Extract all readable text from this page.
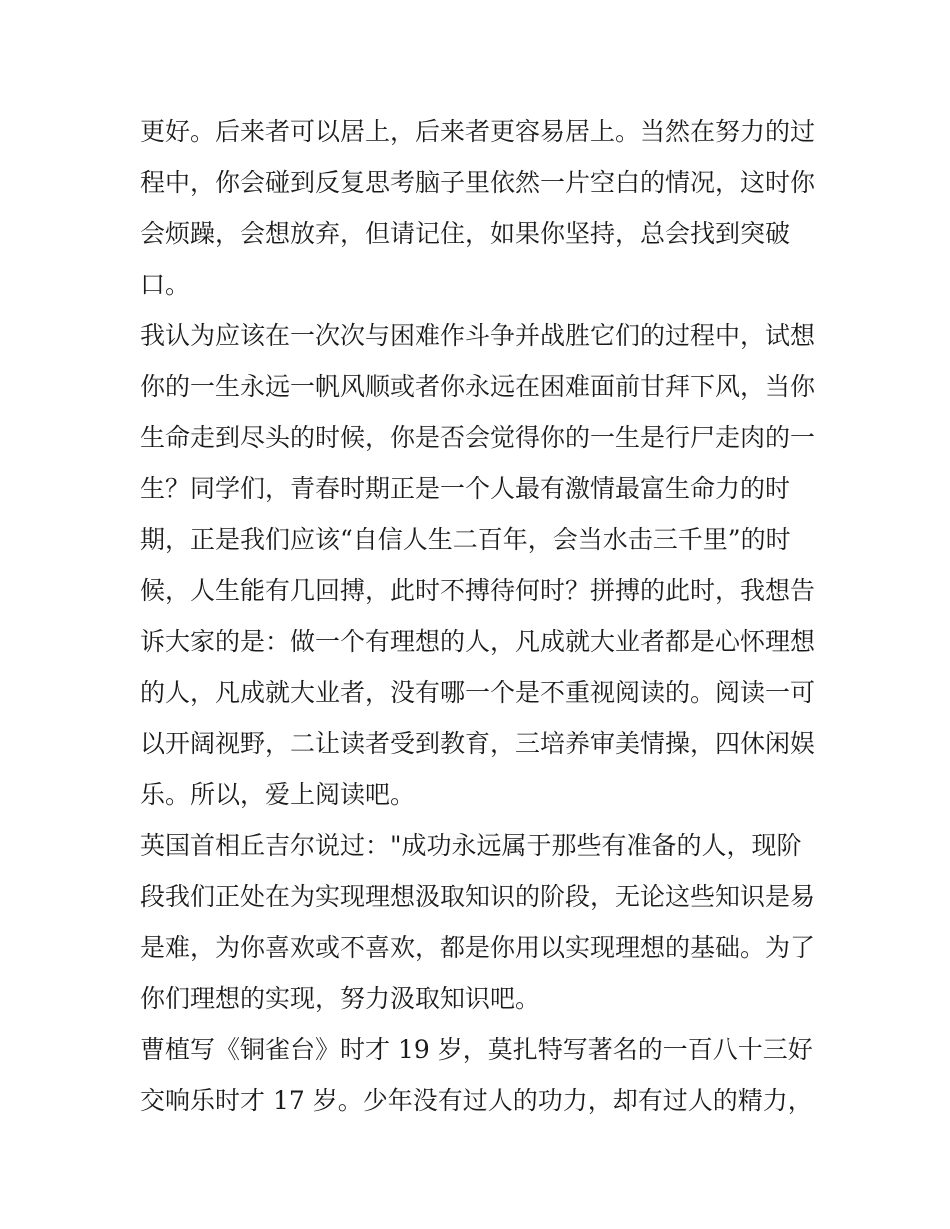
更好。后来者可以居上，后来者更容易居上。当然在努力的过
程中，你会碰到反复思考脑子里依然一片空白的情况，这时你
会烦躁，会想放弃，但请记住，如果你坚持，总会找到突破
口。
我认为应该在一次次与困难作斗争并战胜它们的过程中，试想
你的一生永远一帆风顺或者你永远在困难面前甘拜下风，当你
生命走到尽头的时候，你是否会觉得你的一生是行尸走肉的一
生？同学们，青春时期正是一个人最有激情最富生命力的时
期，正是我们应该“自信人生二百年，会当水击三千里”的时
候，人生能有几回搏，此时不搏待何时？拼搏的此时，我想告
诉大家的是：做一个有理想的人，凡成就大业者都是心怀理想
的人，凡成就大业者，没有哪一个是不重视阅读的。阅读一可
以开阔视野，二让读者受到教育，三培养审美情操，四休闲娱
乐。所以，爱上阅读吧。
英国首相丘吉尔说过："成功永远属于那些有准备的人，现阶
段我们正处在为实现理想汲取知识的阶段，无论这些知识是易
是难，为你喜欢或不喜欢，都是你用以实现理想的基础。为了
你们理想的实现，努力汲取知识吧。
曹植写《铜雀台》时才 19 岁，莫扎特写著名的一百八十三好
交响乐时才 17 岁。少年没有过人的功力，却有过人的精力，
